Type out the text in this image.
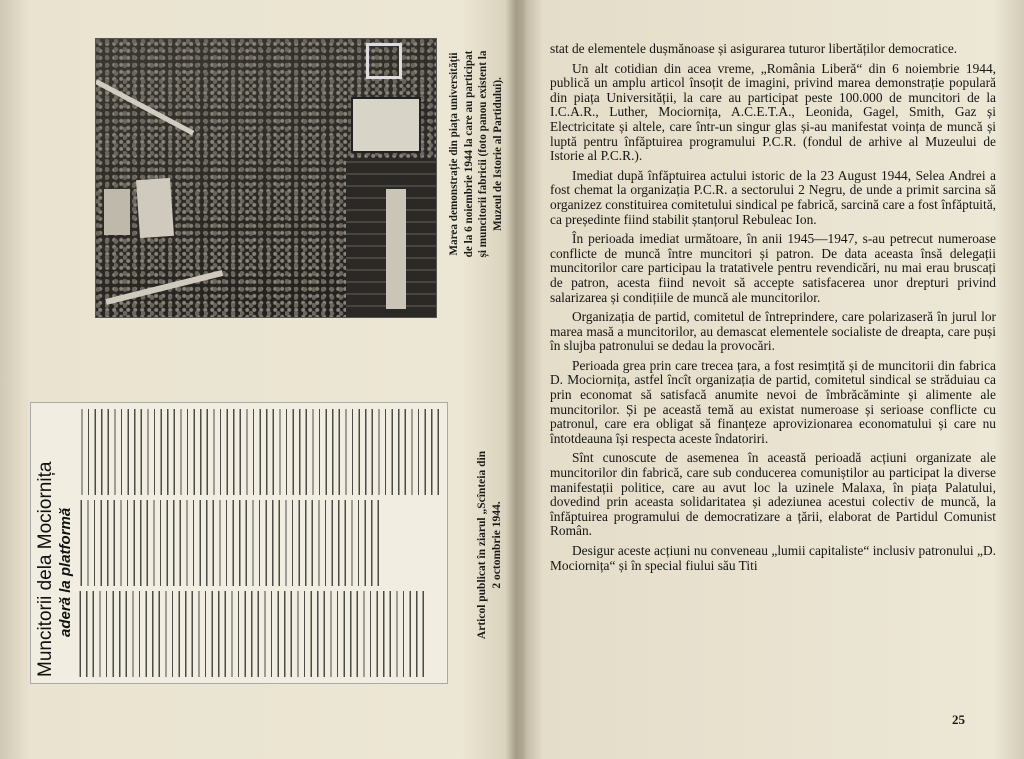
Marea demonstrație din piața universității de la 6 noiembrie 1944 la care au participat și muncitorii fabricii (foto panou existent la Muzeul de Istorie al Partidului).

Muncitorii dela Mociornița aderă la platformă	Articol publicat în ziarul „Scînteia din 2 octombrie 1944.

stat de elementele dușmănoase și asigurarea tuturor libertăților democratice.

Un alt cotidian din acea vreme, „România Liberă“ din 6 noiembrie 1944, publică un amplu articol însoțit de imagini, privind marea demonstrație populară din piața Universității, la care au participat peste 100.000 de muncitori de la I.C.A.R., Luther, Mociornița, A.C.E.T.A., Leonida, Gagel, Smith, Gaz și Electricitate și altele, care într-un singur glas și-au manifestat voința de muncă și luptă pentru înfăptuirea programului P.C.R. (fondul de arhive al Muzeului de Istorie al P.C.R.).

Imediat după înfăptuirea actului istoric de la 23 August 1944, Selea Andrei a fost chemat la organizația P.C.R. a sectorului 2 Negru, de unde a primit sarcina să organizez constituirea comitetului sindical pe fabrică, sarcină care a fost înfăptuită, ca președinte fiind stabilit ștanțorul Rebuleac Ion.

În perioada imediat următoare, în anii 1945—1947, s-au petrecut numeroase conflicte de muncă între muncitori și patron. De data aceasta însă delegații muncitorilor care participau la tratativele pentru revendicări, nu mai erau bruscați de patron, acesta fiind nevoit să accepte satisfacerea unor drepturi privind salarizarea și condițiile de muncă ale muncitorilor.

Organizația de partid, comitetul de întreprindere, care polarizaseră în jurul lor marea masă a muncitorilor, au demascat elementele socialiste de dreapta, care puși în slujba patronului se dedau la provocări.

Perioada grea prin care trecea țara, a fost resimțită și de muncitorii din fabrica D. Mociornița, astfel încît organizația de partid, comitetul sindical se străduiau ca prin economat să satisfacă anumite nevoi de îmbrăcăminte și alimente ale muncitorilor. Și pe această temă au existat numeroase și serioase conflicte cu patronul, care era obligat să finanțeze aprovizionarea economatului și care nu întotdeauna își respecta aceste îndatoriri.

Sînt cunoscute de asemenea în această perioadă acțiuni organizate ale muncitorilor din fabrică, care sub conducerea comuniștilor au participat la diverse manifestații politice, care au avut loc la uzinele Malaxa, în piața Palatului, dovedind prin aceasta solidaritatea și adeziunea acestui colectiv de muncă, la înfăptuirea programului de democratizare a țării, elaborat de Partidul Comunist Român.

Desigur aceste acțiuni nu conveneau „lumii capitaliste“ inclusiv patronului „D. Mociornița“ și în special fiului său Titi

25
